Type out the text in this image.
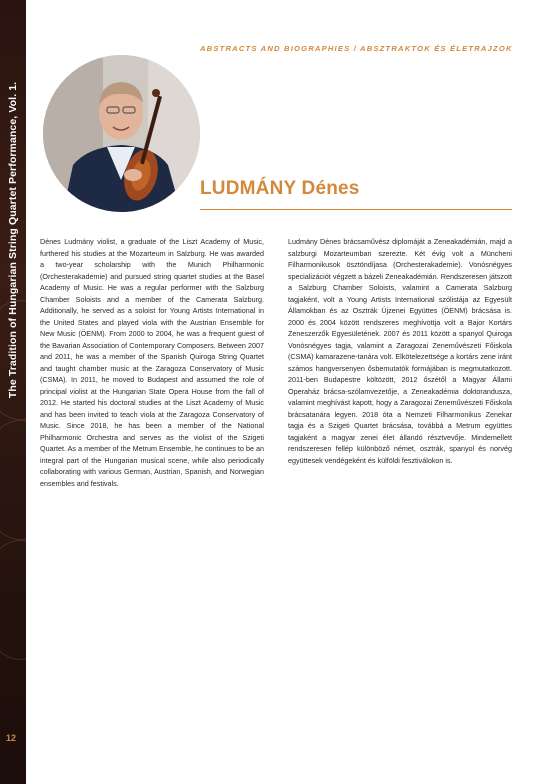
The Tradition of Hungarian String Quartet Performance, Vol. 1.
12
ABSTRACTS AND BIOGRAPHIES / ABSZTRAKTOK ÉS ÉLETRAJZOK
LUDMÁNY Dénes
Dénes Ludmány violist, a graduate of the Liszt Academy of Music, furthered his studies at the Mozarteum in Salzburg. He was awarded a two-year scholarship with the Munich Philharmonic (Orchesterakademie) and pursued string quartet studies at the Basel Academy of Music. He was a regular performer with the Salzburg Chamber Soloists and a member of the Camerata Salzburg. Additionally, he served as a soloist for Young Artists International in the United States and played viola with the Austrian Ensemble for New Music (ÖENM). From 2000 to 2004, he was a frequent guest of the Bavarian Association of Contemporary Composers. Between 2007 and 2011, he was a member of the Spanish Quiroga String Quartet and taught chamber music at the Zaragoza Conservatory of Music (CSMA). In 2011, he moved to Budapest and assumed the role of principal violist at the Hungarian State Opera House from the fall of 2012. He started his doctoral studies at the Liszt Academy of Music and has been invited to teach viola at the Zaragoza Conservatory of Music. Since 2018, he has been a member of the National Philharmonic Orchestra and serves as the violist of the Szigeti Quartet. As a member of the Metrum Ensemble, he continues to be an integral part of the Hungarian musical scene, while also periodically collaborating with various German, Austrian, Spanish, and Norwegian ensembles and festivals.
Ludmány Dénes brácsaművész diplomáját a Zeneakadémián, majd a salzburgi Mozarteumban szerezte. Két évig volt a Müncheni Filharmonikusok ösztöndíjasa (Orchesterakademie). Vonósnégyes specializációt végzett a bázeli Zeneakadémián. Rendszeresen játszott a Salzburg Chamber Soloists, valamint a Camerata Salzburg tagjaként, volt a Young Artists International szólistája az Egyesült Államokban és az Osztrák Újzenei Együttes (ÖENM) brácsása is. 2000 és 2004 között rendszeres meghívottja volt a Bajor Kortárs Zeneszerzők Egyesületének. 2007 és 2011 között a spanyol Quiroga Vonósnégyes tagja, valamint a Zaragozai Zeneművészeti Főiskola (CSMA) kamarazene-tanára volt. Elkötelezettsége a kortárs zene iránt számos hangversenyen ősbemutatók formájában is megmutatkozott. 2011-ben Budapestre költözött, 2012 őszétől a Magyar Állami Operaház brácsa-szólamvezetője, a Zeneakadémia doktorandusza, valamint meghívást kapott, hogy a Zaragozai Zeneművészeti Főiskola brácsatanára legyen. 2018 óta a Nemzeti Filharmonikus Zenekar tagja és a Szigeti Quartet brácsása, továbbá a Metrum együttes tagjaként a magyar zenei élet állandó résztvevője. Mindemellett rendszeresen fellép különböző német, osztrák, spanyol és norvég együttesek vendégeként és külföldi fesztiválokon is.
